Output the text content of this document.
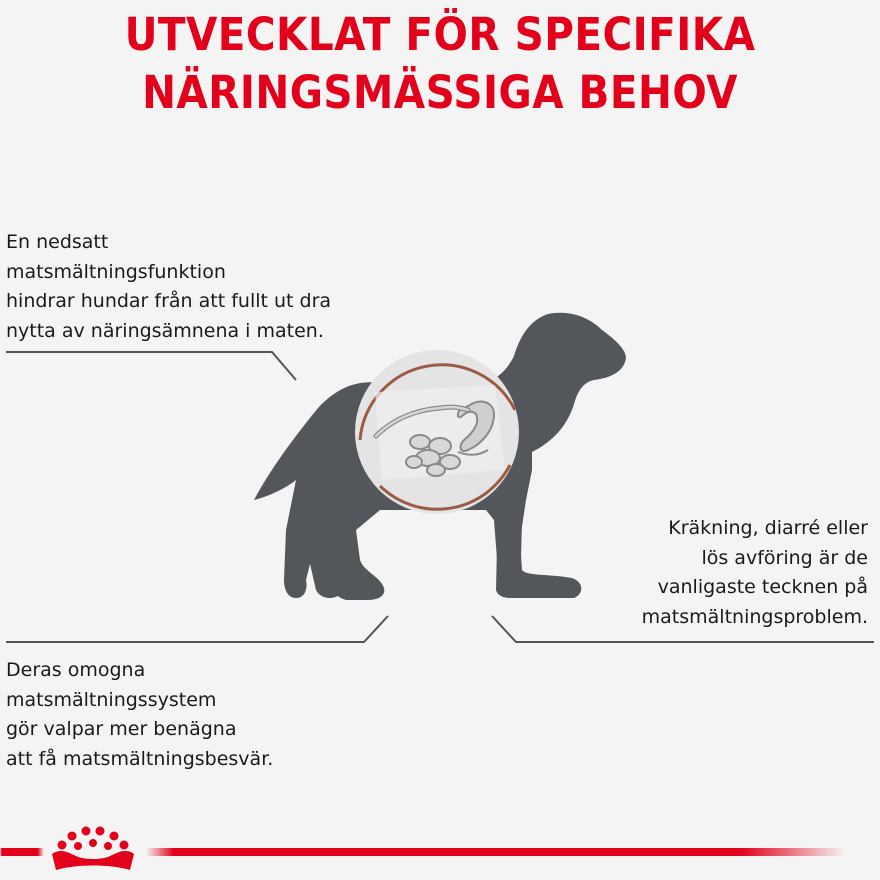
UTVECKLAT FÖR SPECIFIKA
NÄRINGSMÄSSIGA BEHOV

En nedsatt
matsmältningsfunktion
hindrar hundar från att fullt ut dra
nytta av näringsämnena i maten.

Kräkning, diarré eller
lös avföring är de
vanligaste tecknen på
matsmältningsproblem.

Deras omogna
matsmältningssystem
gör valpar mer benägna
att få matsmältningsbesvär.
